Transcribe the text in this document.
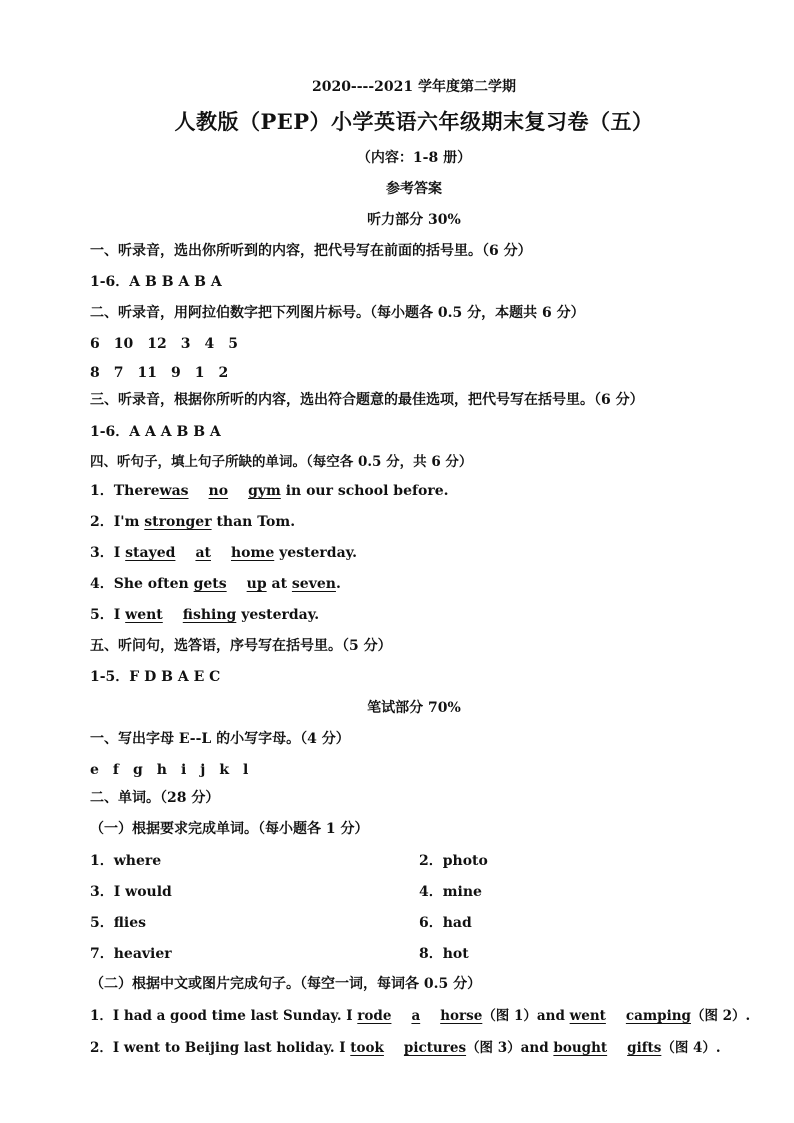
2020----2021 学年度第二学期
人教版（PEP）小学英语六年级期末复习卷（五）
（内容：1-8 册）
参考答案
听力部分 30%
一、听录音，选出你所听到的内容，把代号写在前面的括号里。（6 分）
1-6．A B B A B A
二、听录音，用阿拉伯数字把下列图片标号。（每小题各 0.5 分，本题共 6 分）
6 10 12 3 4 5
8 7 11 9 1 2
三、听录音，根据你所听的内容，选出符合题意的最佳选项，把代号写在括号里。（6 分）
1-6．A A A B B A
四、听句子，填上句子所缺的单词。（每空各 0.5 分，共 6 分）
1．Therewas no gym in our school before.
2．I'm stronger than Tom.
3．I stayed at home yesterday.
4．She often gets up at seven.
5．I went fishing yesterday.
五、听问句，选答语，序号写在括号里。（5 分）
1-5．F D B A E C
笔试部分 70%
一、写出字母 E--L 的小写字母。（4 分）
e f g h i j k l
二、单词。（28 分）
（一）根据要求完成单词。（每小题各 1 分）
1．where	2．photo
3．I would	4．mine
5．flies	6．had
7．heavier	8．hot
（二）根据中文或图片完成句子。（每空一词，每词各 0.5 分）
1．I had a good time last Sunday. I rode a horse（图 1）and went camping（图 2）.
2．I went to Beijing last holiday. I took pictures（图 3）and bought gifts（图 4）.
